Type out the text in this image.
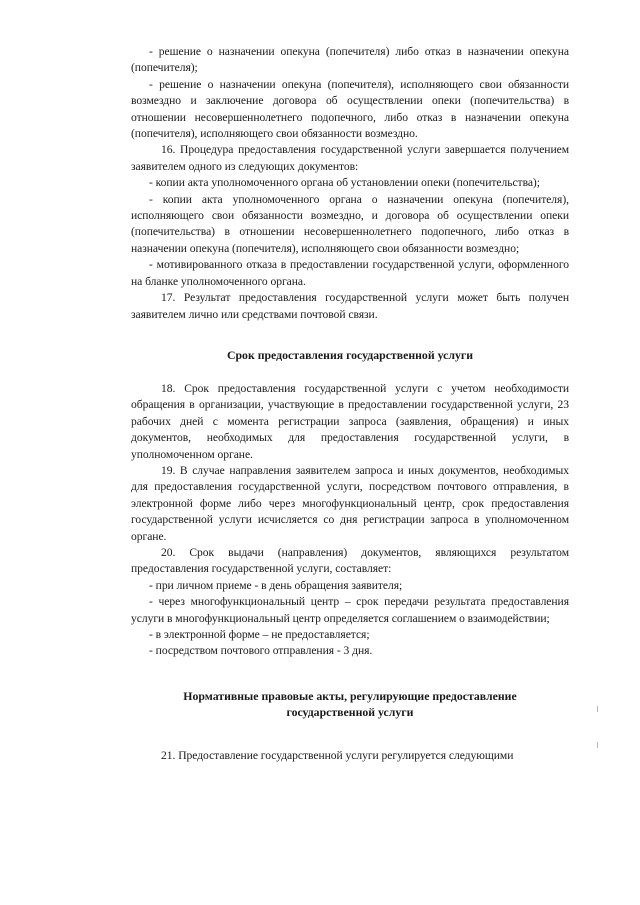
- решение о назначении опекуна (попечителя) либо отказ в назначении опекуна (попечителя);

- решение о назначении опекуна (попечителя), исполняющего свои обязанности возмездно и заключение договора об осуществлении опеки (попечительства) в отношении несовершеннолетнего подопечного, либо отказ в назначении опекуна (попечителя), исполняющего свои обязанности возмездно.

16. Процедура предоставления государственной услуги завершается получением заявителем одного из следующих документов:

- копии акта уполномоченного органа об установлении опеки (попечительства);

- копии акта уполномоченного органа о назначении опекуна (попечителя), исполняющего свои обязанности возмездно, и договора об осуществлении опеки (попечительства) в отношении несовершеннолетнего подопечного, либо отказ в назначении опекуна (попечителя), исполняющего свои обязанности возмездно;

- мотивированного отказа в предоставлении государственной услуги, оформленного на бланке уполномоченного органа.

17. Результат предоставления государственной услуги может быть получен заявителем лично или средствами почтовой связи.

Срок предоставления государственной услуги

18. Срок предоставления государственной услуги с учетом необходимости обращения в организации, участвующие в предоставлении государственной услуги, 23 рабочих дней с момента регистрации запроса (заявления, обращения) и иных документов, необходимых для предоставления государственной услуги, в уполномоченном органе.

19. В случае направления заявителем запроса и иных документов, необходимых для предоставления государственной услуги, посредством почтового отправления, в электронной форме либо через многофункциональный центр, срок предоставления государственной услуги исчисляется со дня регистрации запроса в уполномоченном органе.

20. Срок выдачи (направления) документов, являющихся результатом предоставления государственной услуги, составляет:

- при личном приеме - в день обращения заявителя;

- через многофункциональный центр – срок передачи результата предоставления услуги в многофункциональный центр определяется соглашением о взаимодействии;

- в электронной форме – не предоставляется;

- посредством почтового отправления - 3 дня.

Нормативные правовые акты, регулирующие предоставление
государственной услуги

21. Предоставление государственной услуги регулируется следующими
